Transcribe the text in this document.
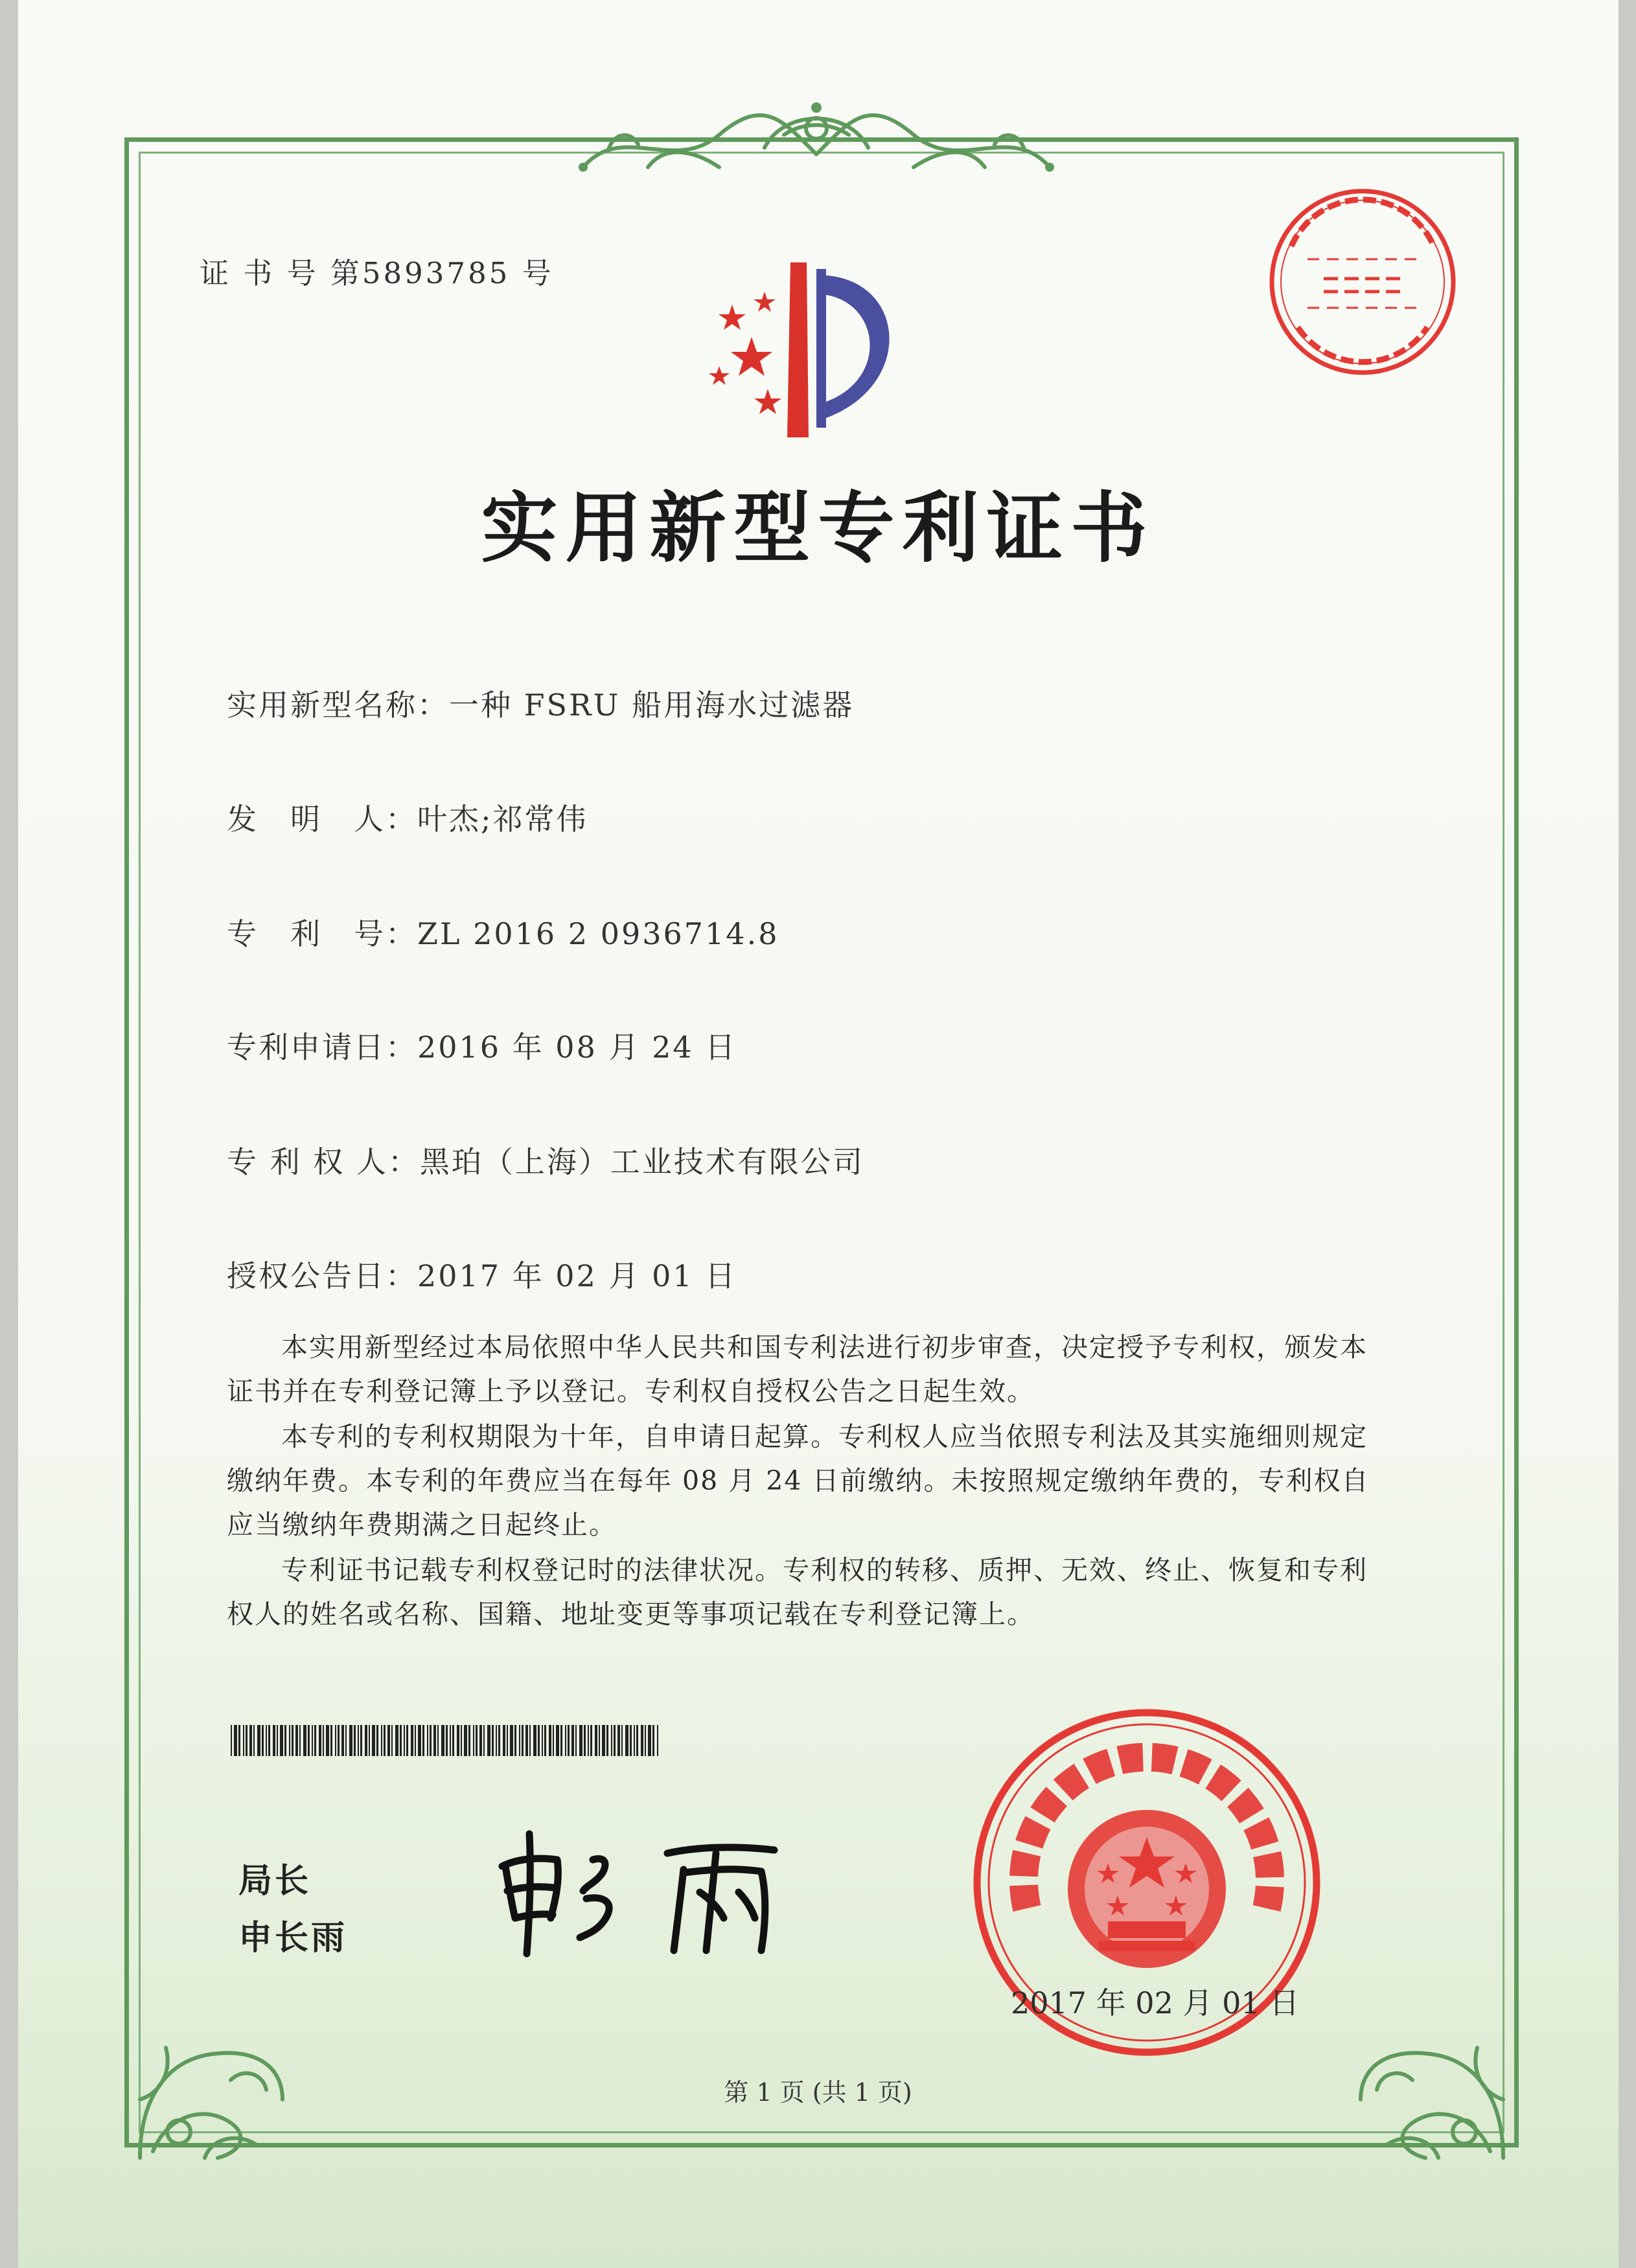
证 书 号 第5893785 号

实用新型专利证书
实用新型名称：一种 FSRU 船用海水过滤器
发　明　人：叶杰;祁常伟
专　利　号：ZL 2016 2 0936714.8
专利申请日：2016 年 08 月 24 日
专 利 权 人：黑珀（上海）工业技术有限公司
授权公告日：2017 年 02 月 01 日

本实用新型经过本局依照中华人民共和国专利法进行初步审查，决定授予专利权，颁发本证书并在专利登记簿上予以登记。专利权自授权公告之日起生效。

本专利的专利权期限为十年，自申请日起算。专利权人应当依照专利法及其实施细则规定缴纳年费。本专利的年费应当在每年 08 月 24 日前缴纳。未按照规定缴纳年费的，专利权自应当缴纳年费期满之日起终止。

专利证书记载专利权登记时的法律状况。专利权的转移、质押、无效、终止、恢复和专利权人的姓名或名称、国籍、地址变更等事项记载在专利登记簿上。

局长

申长雨

2017 年 02 月 01 日

第 1 页 (共 1 页)
